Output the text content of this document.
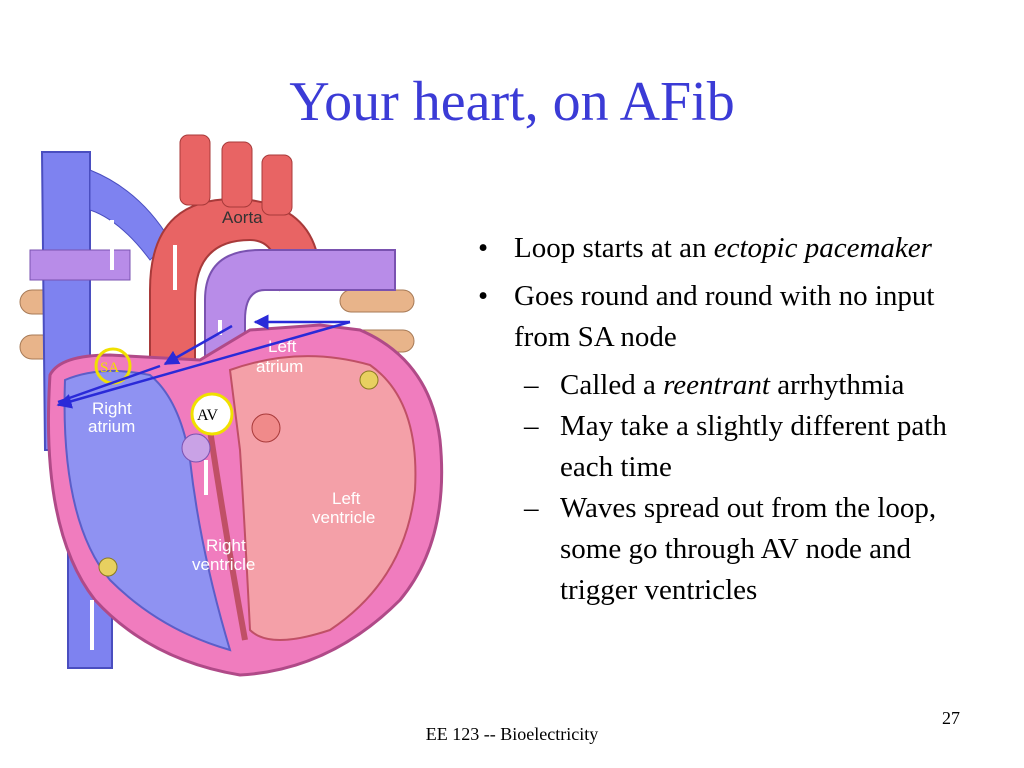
Your heart, on AFib
Aorta
Left
atrium
Right
atrium
Left
ventricle
Right
ventricle
SA
AV
• Loop starts at an ectopic pacemaker
• Goes round and round with no input from SA node
– Called a reentrant arrhythmia
– May take a slightly different path each time
– Waves spread out from the loop, some go through AV node and trigger ventricles
EE 123 -- Bioelectricity
27
